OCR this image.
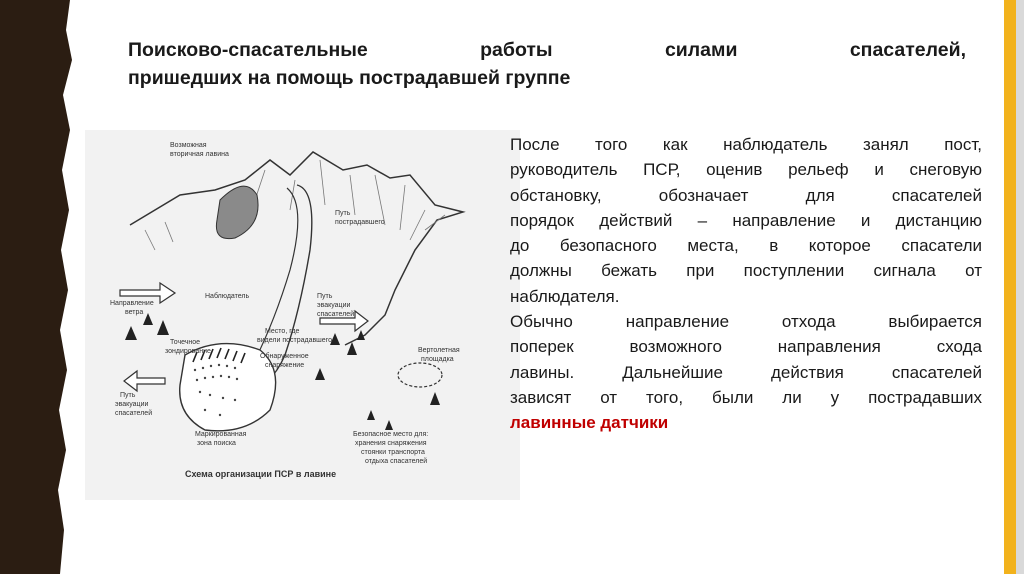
Поисково-спасательные работы силами спасателей,
пришедших на помощь пострадавшей группе
Возможная
вторичная лавина
Путь
пострадавшего
Направление
ветра
Наблюдатель	Путь
эвакуации
спасателей
Точечное
зондирование
Место, где
видели пострадавшего
Обнаруженное
снаряжение
Вертолетная
площадка
Путь
эвакуации
спасателей
Маркированная
зона поиска
Безопасное место для:
хранения снаряжения
стоянки транспорта
отдыха спасателей
Схема организации ПСР в лавине

После того как наблюдатель занял пост,
руководитель ПСР, оценив рельеф и снеговую
обстановку, обозначает для спасателей
порядок действий – направление и дистанцию
до безопасного места, в которое спасатели
должны бежать при поступлении сигнала от
наблюдателя.

Обычно направление отхода выбирается
поперек возможного направления схода
лавины. Дальнейшие действия спасателей
зависят от того, были ли у пострадавших
лавинные датчики
